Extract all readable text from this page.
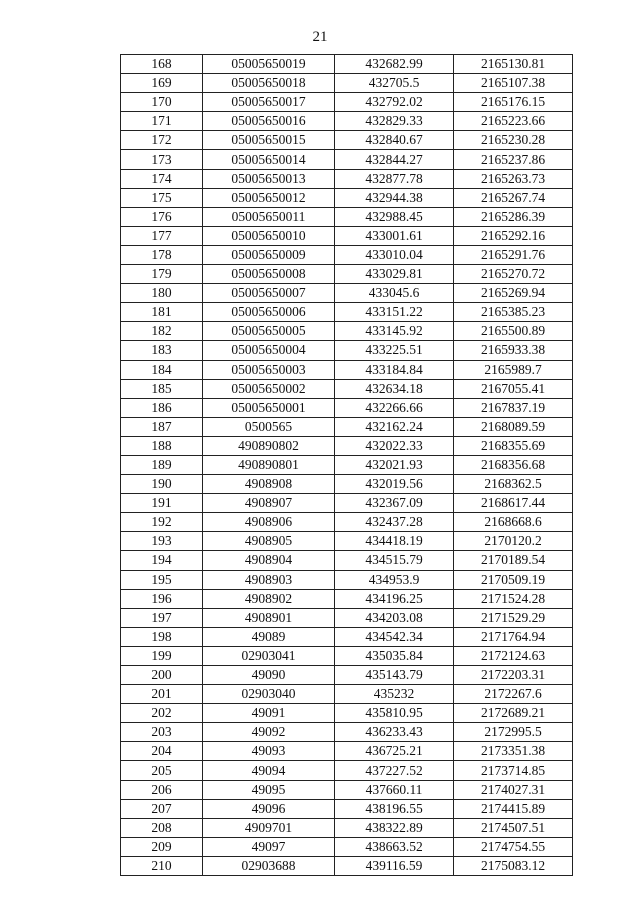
21
168	05005650019	432682.99	2165130.81
169	05005650018	432705.5	2165107.38
170	05005650017	432792.02	2165176.15
171	05005650016	432829.33	2165223.66
172	05005650015	432840.67	2165230.28
173	05005650014	432844.27	2165237.86
174	05005650013	432877.78	2165263.73
175	05005650012	432944.38	2165267.74
176	05005650011	432988.45	2165286.39
177	05005650010	433001.61	2165292.16
178	05005650009	433010.04	2165291.76
179	05005650008	433029.81	2165270.72
180	05005650007	433045.6	2165269.94
181	05005650006	433151.22	2165385.23
182	05005650005	433145.92	2165500.89
183	05005650004	433225.51	2165933.38
184	05005650003	433184.84	2165989.7
185	05005650002	432634.18	2167055.41
186	05005650001	432266.66	2167837.19
187	0500565	432162.24	2168089.59
188	490890802	432022.33	2168355.69
189	490890801	432021.93	2168356.68
190	4908908	432019.56	2168362.5
191	4908907	432367.09	2168617.44
192	4908906	432437.28	2168668.6
193	4908905	434418.19	2170120.2
194	4908904	434515.79	2170189.54
195	4908903	434953.9	2170509.19
196	4908902	434196.25	2171524.28
197	4908901	434203.08	2171529.29
198	49089	434542.34	2171764.94
199	02903041	435035.84	2172124.63
200	49090	435143.79	2172203.31
201	02903040	435232	2172267.6
202	49091	435810.95	2172689.21
203	49092	436233.43	2172995.5
204	49093	436725.21	2173351.38
205	49094	437227.52	2173714.85
206	49095	437660.11	2174027.31
207	49096	438196.55	2174415.89
208	4909701	438322.89	2174507.51
209	49097	438663.52	2174754.55
210	02903688	439116.59	2175083.12
